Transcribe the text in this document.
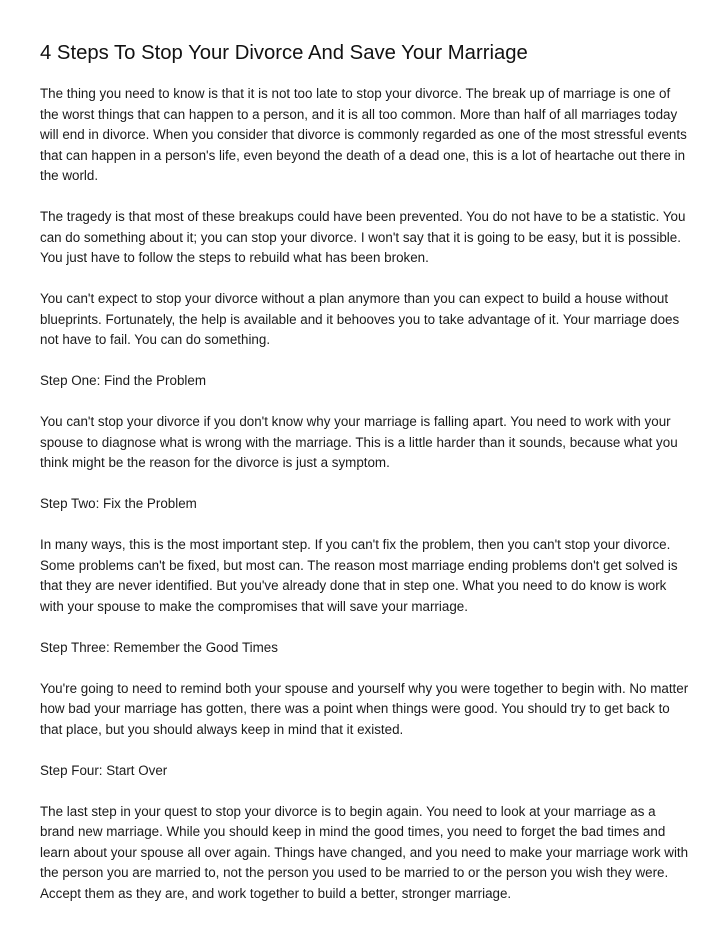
4 Steps To Stop Your Divorce And Save Your Marriage

The thing you need to know is that it is not too late to stop your divorce. The break up of marriage is one of the worst things that can happen to a person, and it is all too common. More than half of all marriages today will end in divorce. When you consider that divorce is commonly regarded as one of the most stressful events that can happen in a person's life, even beyond the death of a dead one, this is a lot of heartache out there in the world.

The tragedy is that most of these breakups could have been prevented. You do not have to be a statistic. You can do something about it; you can stop your divorce. I won't say that it is going to be easy, but it is possible. You just have to follow the steps to rebuild what has been broken.

You can't expect to stop your divorce without a plan anymore than you can expect to build a house without blueprints. Fortunately, the help is available and it behooves you to take advantage of it. Your marriage does not have to fail. You can do something.

Step One: Find the Problem

You can't stop your divorce if you don't know why your marriage is falling apart. You need to work with your spouse to diagnose what is wrong with the marriage. This is a little harder than it sounds, because what you think might be the reason for the divorce is just a symptom.

Step Two: Fix the Problem

In many ways, this is the most important step. If you can't fix the problem, then you can't stop your divorce. Some problems can't be fixed, but most can. The reason most marriage ending problems don't get solved is that they are never identified. But you've already done that in step one. What you need to do know is work with your spouse to make the compromises that will save your marriage.

Step Three: Remember the Good Times

You're going to need to remind both your spouse and yourself why you were together to begin with. No matter how bad your marriage has gotten, there was a point when things were good. You should try to get back to that place, but you should always keep in mind that it existed.

Step Four: Start Over

The last step in your quest to stop your divorce is to begin again. You need to look at your marriage as a brand new marriage. While you should keep in mind the good times, you need to forget the bad times and learn about your spouse all over again. Things have changed, and you need to make your marriage work with the person you are married to, not the person you used to be married to or the person you wish they were. Accept them as they are, and work together to build a better, stronger marriage.
